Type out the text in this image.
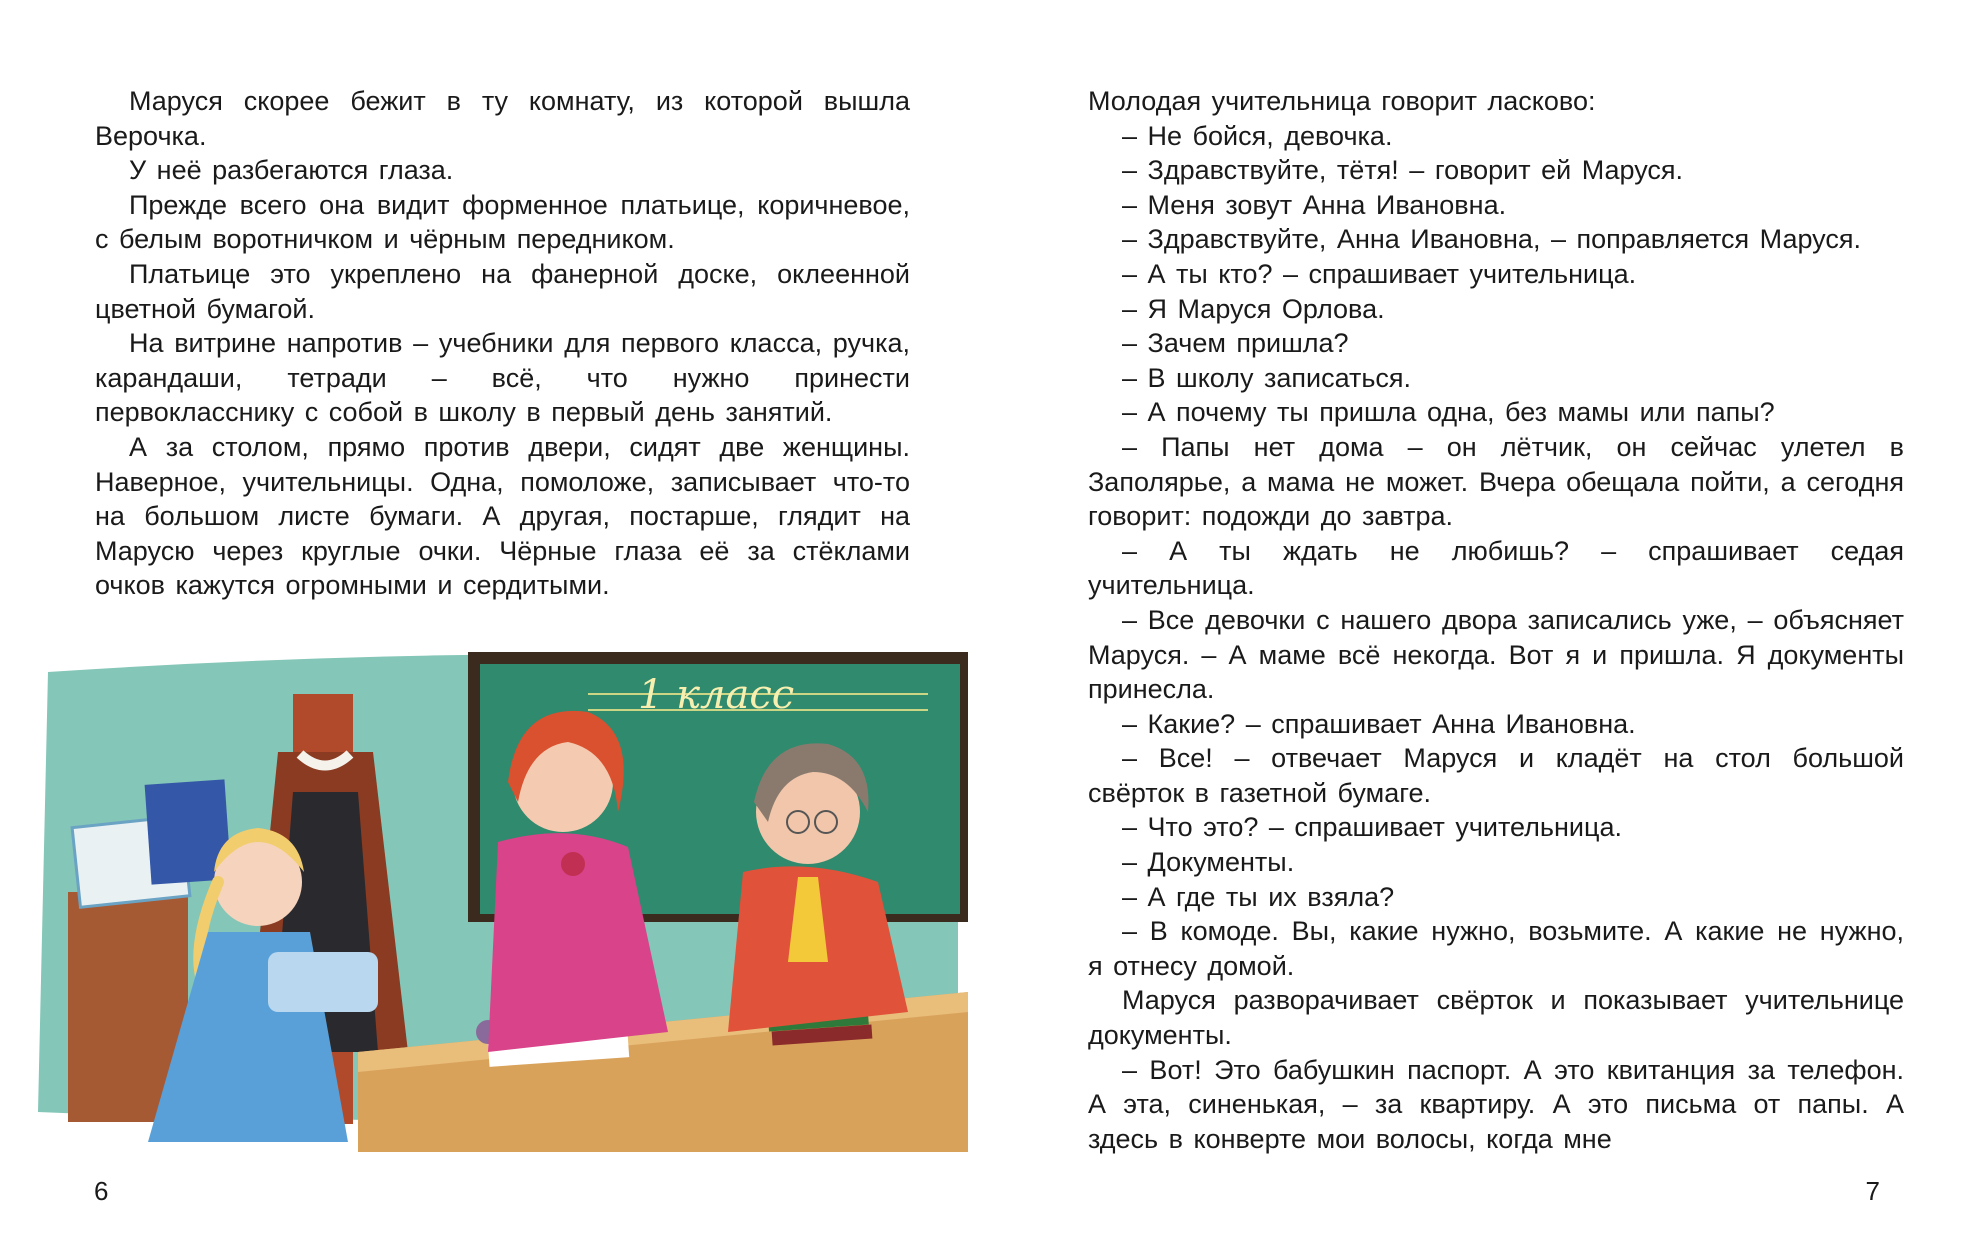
Маруся скорее бежит в ту комнату, из которой вышла Верочка.

У неё разбегаются глаза.

Прежде всего она видит форменное платьице, коричневое, с белым воротничком и чёрным передником.

Платьице это укреплено на фанерной доске, оклеенной цветной бумагой.

На витрине напротив – учебники для первого класса, ручка, карандаши, тетради – всё, что нужно принести первокласснику с собой в школу в первый день занятий.

А за столом, прямо против двери, сидят две женщины. Наверное, учительницы. Одна, помоложе, записывает что-то на большом листе бумаги. А другая, постарше, глядит на Марусю через круглые очки. Чёрные глаза её за стёклами очков кажутся огромными и сердитыми.

1 класс
6

Молодая учительница говорит ласково:

– Не бойся, девочка.

– Здравствуйте, тётя! – говорит ей Маруся.

– Меня зовут Анна Ивановна.

– Здравствуйте, Анна Ивановна, – поправляется Маруся.

– А ты кто? – спрашивает учительница.

– Я Маруся Орлова.

– Зачем пришла?

– В школу записаться.

– А почему ты пришла одна, без мамы или папы?

– Папы нет дома – он лётчик, он сейчас улетел в Заполярье, а мама не может. Вчера обещала пойти, а сегодня говорит: подожди до завтра.

– А ты ждать не любишь? – спрашивает седая учительница.

– Все девочки с нашего двора записались уже, – объясняет Маруся. – А маме всё некогда. Вот я и пришла. Я документы принесла.

– Какие? – спрашивает Анна Ивановна.

– Все! – отвечает Маруся и кладёт на стол большой свёрток в газетной бумаге.

– Что это? – спрашивает учительница.

– Документы.

– А где ты их взяла?

– В комоде. Вы, какие нужно, возьмите. А какие не нужно, я отнесу домой.

Маруся разворачивает свёрток и показывает учительнице документы.

– Вот! Это бабушкин паспорт. А это квитанция за телефон. А эта, синенькая, – за квартиру. А это письма от папы. А здесь в конверте мои волосы, когда мне

7
